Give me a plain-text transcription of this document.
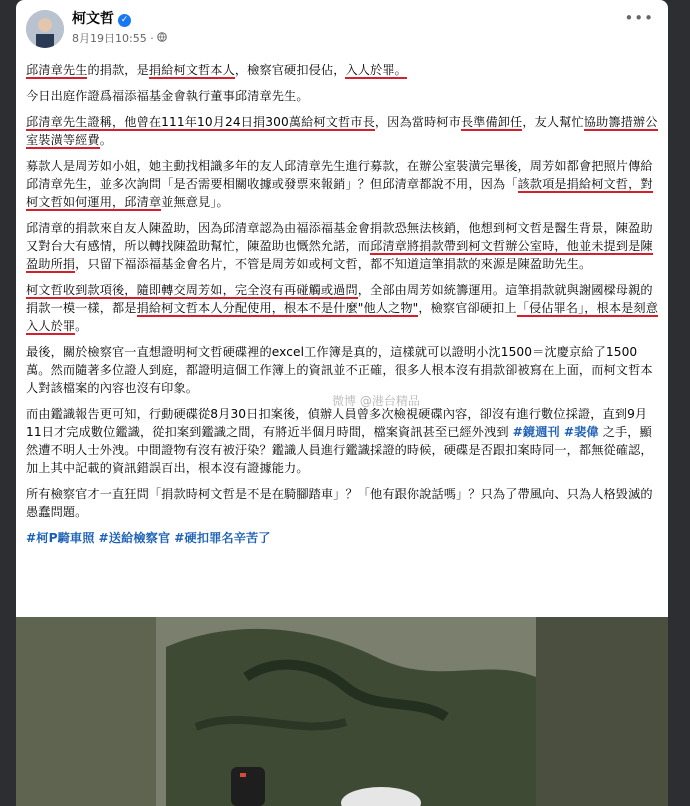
柯文哲 ✓
8月19日10:55 ·
•••

邱清章先生的捐款，是捐給柯文哲本人，檢察官硬扣侵佔，入人於罪。

今日出庭作證爲福添福基金會執行董事邱清章先生。

邱清章先生證稱，他曾在111年10月24日捐300萬給柯文哲市長，因為當時柯市長準備卸任，友人幫忙協助籌措辦公室裝潢等經費。

募款人是周芳如小姐，她主動找相識多年的友人邱清章先生進行募款，在辦公室裝潢完畢後，周芳如都會把照片傳給邱清章先生，並多次詢問「是否需要相關收據或發票來報銷」？但邱清章都說不用，因為「該款項是捐給柯文哲，對柯文哲如何運用，邱清章並無意見」。

邱清章的捐款來自友人陳盈助，因為邱清章認為由福添福基金會捐款恐無法核銷，他想到柯文哲是醫生背景，陳盈助又對台大有感情，所以轉找陳盈助幫忙，陳盈助也慨然允諾，而邱清章將捐款帶到柯文哲辦公室時，他並未提到是陳盈助所捐，只留下福添福基金會名片，不管是周芳如或柯文哲，都不知道這筆捐款的來源是陳盈助先生。

柯文哲收到款項後，隨即轉交周芳如，完全沒有再碰觸或過問，全部由周芳如統籌運用。這筆捐款就與謝國樑母親的捐款一模一樣，都是捐給柯文哲本人分配使用，根本不是什麼"他人之物"，檢察官卻硬扣上「侵佔罪名」，根本是刻意入人於罪。

最後，關於檢察官一直想證明柯文哲硬碟裡的excel工作簿是真的，這樣就可以證明小沈1500＝沈慶京給了1500萬。然而隨著多位證人到庭，都證明這個工作簿上的資訊並不正確，很多人根本沒有捐款卻被寫在上面，而柯文哲本人對該檔案的內容也沒有印象。

而由鑑識報告更可知，行動硬碟從8月30日扣案後，偵辦人員曾多次檢視硬碟內容，卻沒有進行數位採證，直到9月11日才完成數位鑑識，從扣案到鑑識之間，有將近半個月時間，檔案資訊甚至已經外洩到 #鏡週刊 #裴偉 之手，顯然遭不明人士外洩。中間證物有沒有被汙染？鑑識人員進行鑑識採證的時候，硬碟是否跟扣案時同一，都無從確認，加上其中記載的資訊錯誤百出，根本沒有證據能力。

所有檢察官才一直狂問「捐款時柯文哲是不是在騎腳踏車」？「他有跟你說話嗎」？只為了帶風向、只為人格毀滅的愚蠢問題。

#柯P騎車照 #送給檢察官 #硬扣罪名辛苦了

微博 @港台精品
